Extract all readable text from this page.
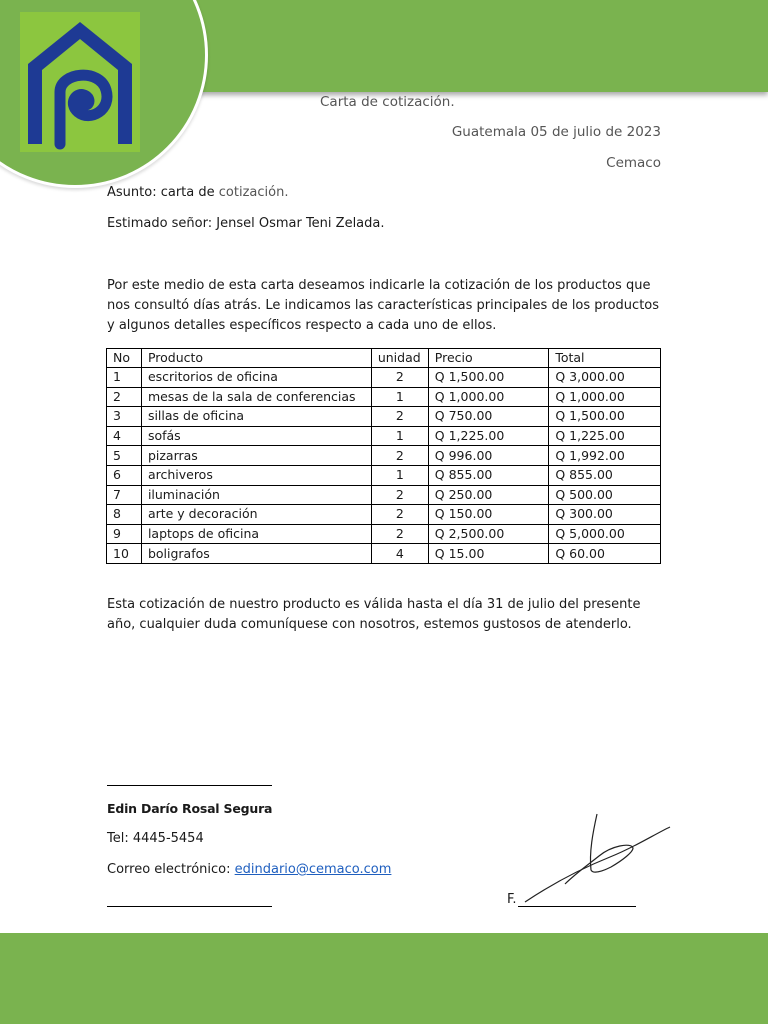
Carta de cotización.
Guatemala 05 de julio de 2023
Cemaco
Asunto: carta de cotización.
Estimado señor: Jensel Osmar Teni Zelada.
Por este medio de esta carta deseamos indicarle la cotización de los productos que nos consultó días atrás. Le indicamos las características principales de los productos y algunos detalles específicos respecto a cada uno de ellos.
No	Producto	unidad	Precio	Total
1	escritorios de oficina	2	Q 1,500.00	Q 3,000.00
2	mesas de la sala de conferencias	1	Q 1,000.00	Q 1,000.00
3	sillas de oficina	2	Q 750.00	Q 1,500.00
4	sofás	1	Q 1,225.00	Q 1,225.00
5	pizarras	2	Q 996.00	Q 1,992.00
6	archiveros	1	Q 855.00	Q 855.00
7	iluminación	2	Q 250.00	Q 500.00
8	arte y decoración	2	Q 150.00	Q 300.00
9	laptops de oficina	2	Q 2,500.00	Q 5,000.00
10	boligrafos	4	Q 15.00	Q 60.00
Esta cotización de nuestro producto es válida hasta el día 31 de julio del presente año, cualquier duda comuníquese con nosotros, estemos gustosos de atenderlo.
Edin Darío Rosal Segura
Tel: 4445-5454
Correo electrónico: edindario@cemaco.com
F.
